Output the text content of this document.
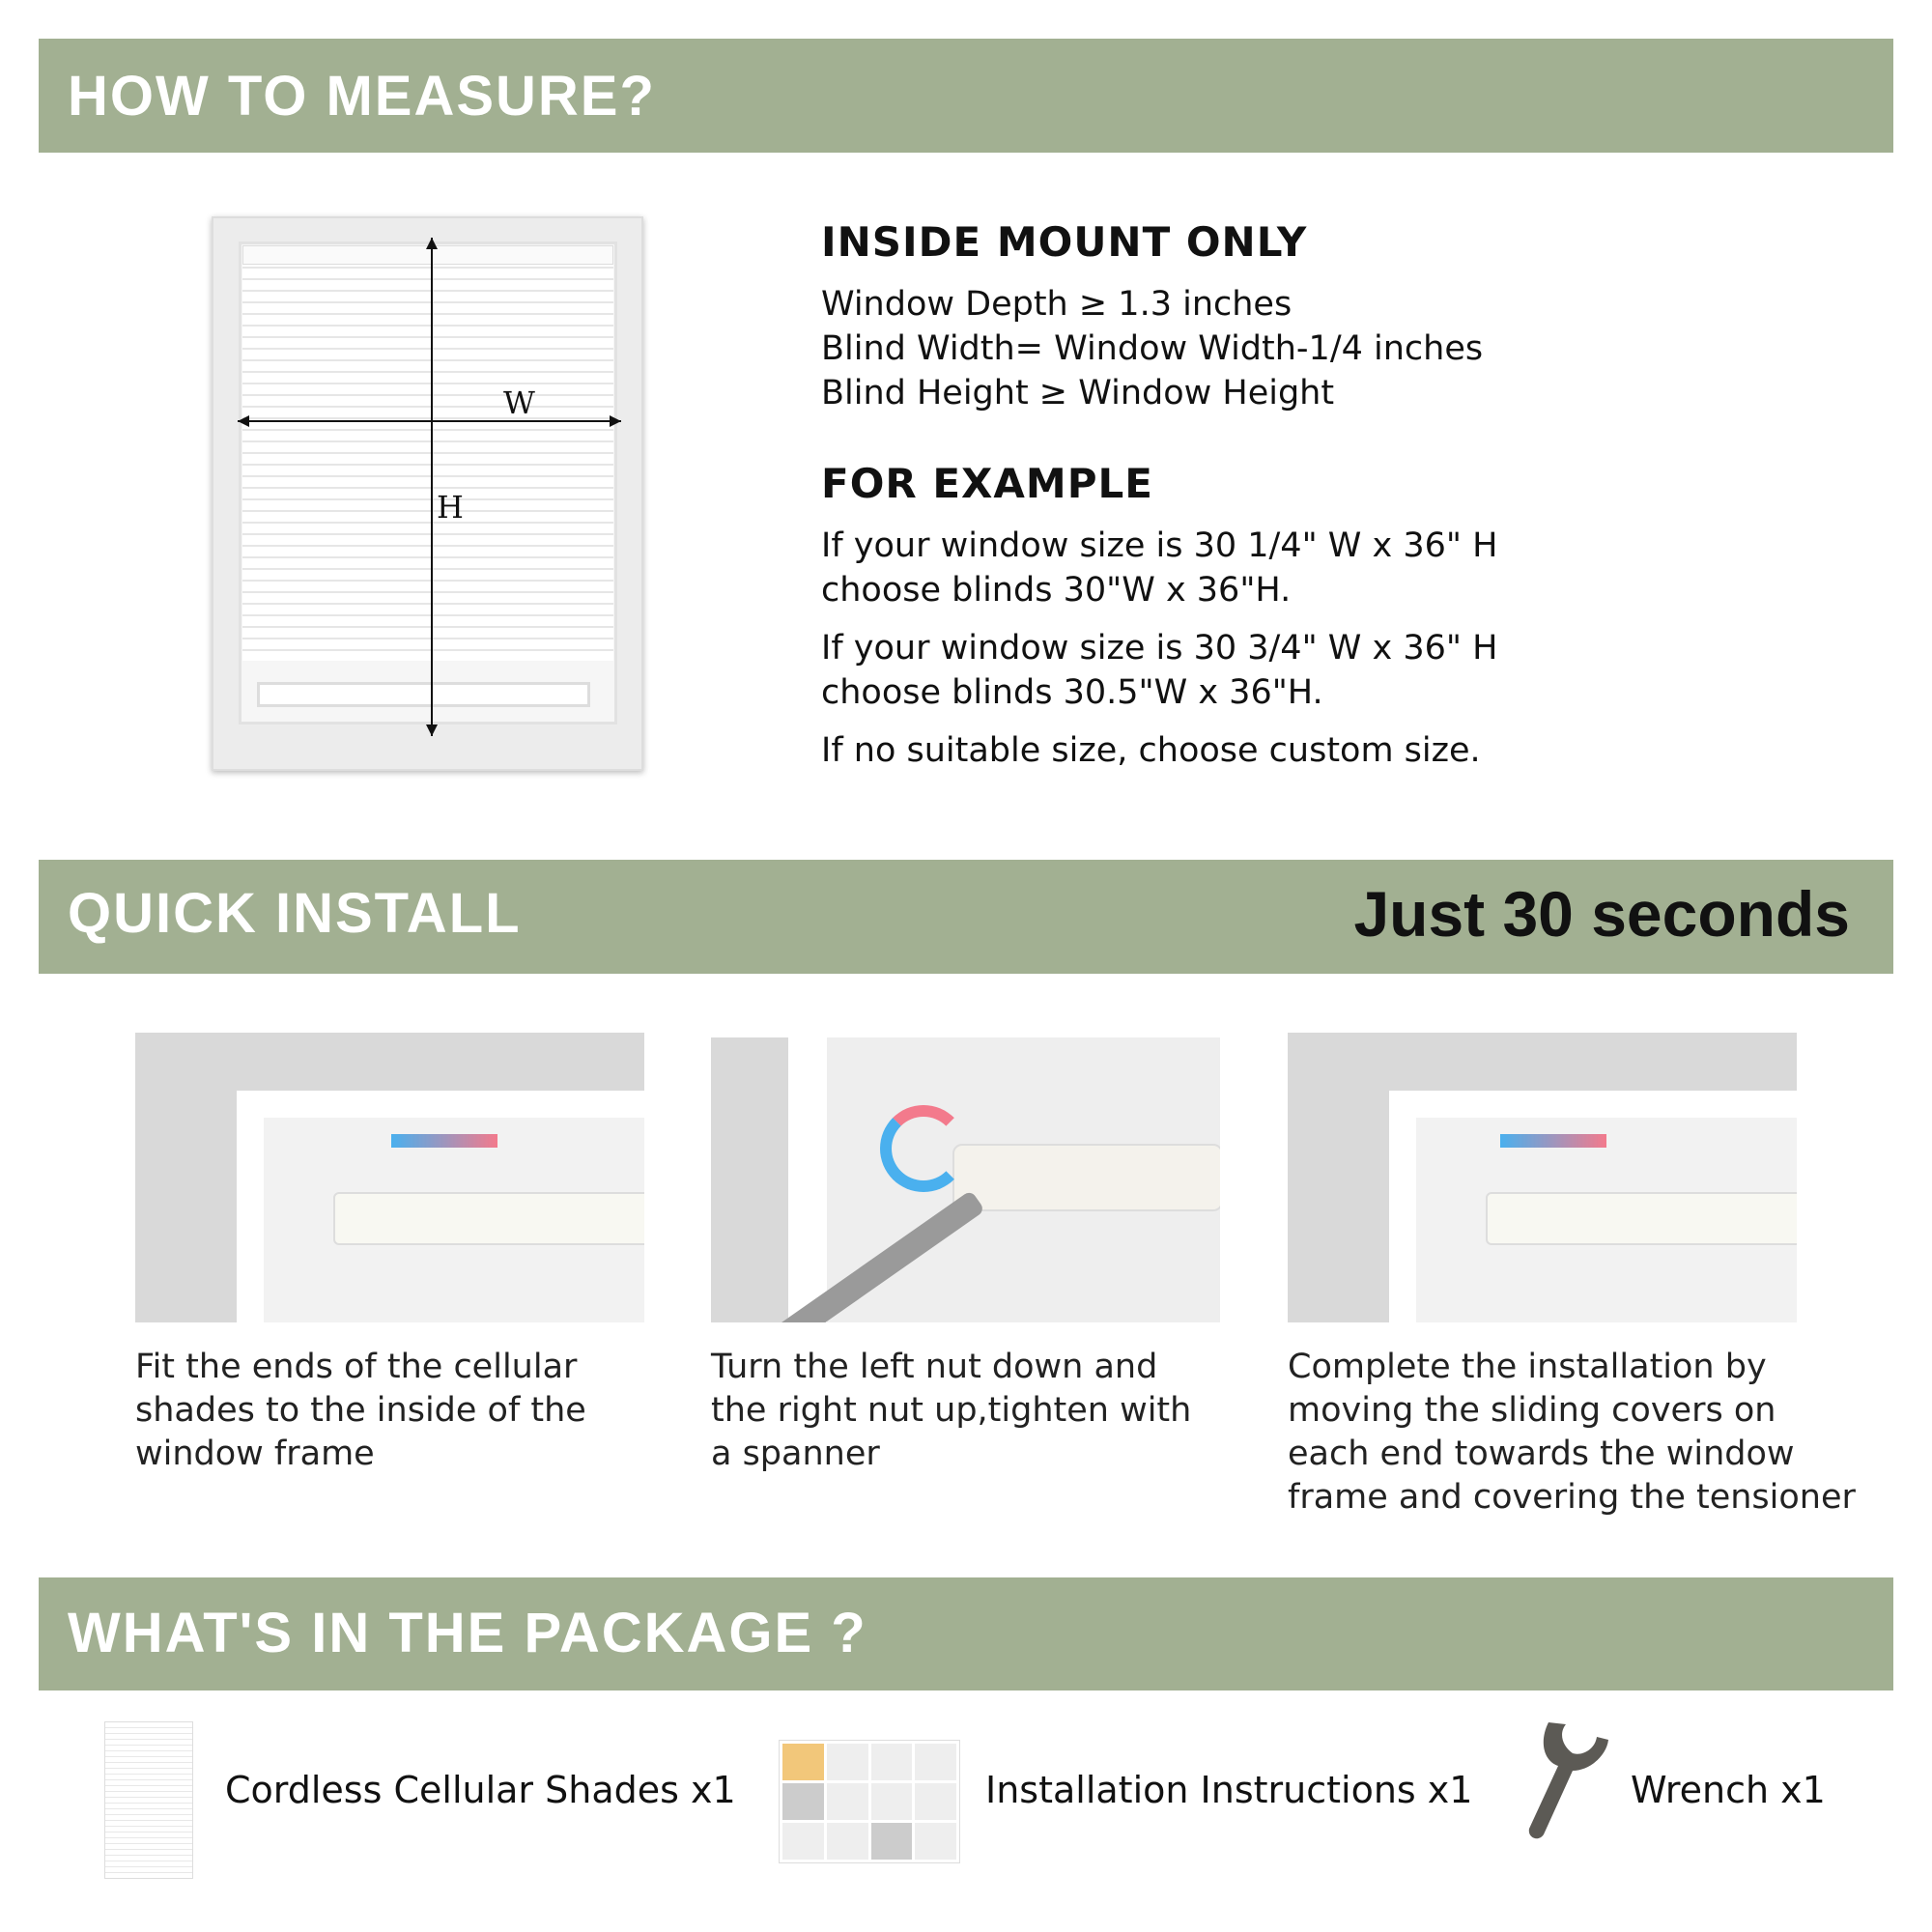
HOW TO MEASURE?
W
H
INSIDE MOUNT ONLY
Window Depth ≥ 1.3 inches
Blind Width= Window Width-1/4 inches
Blind Height ≥ Window Height
FOR EXAMPLE
If your window size is 30 1/4" W x 36" H
choose blinds 30"W x 36"H.
If your window size is 30 3/4" W x 36" H
choose blinds 30.5"W x 36"H.
If no suitable size, choose custom size.
QUICK INSTALL	Just 30 seconds
Fit the ends of the cellular
shades to the inside of the
window frame
Turn the left nut down and
the right nut up,tighten with
a spanner
Complete the installation by
moving the sliding covers on
each end towards the window
frame and covering the tensioner
WHAT'S IN THE PACKAGE ?
Cordless Cellular Shades x1	Installation Instructions x1	Wrench x1
